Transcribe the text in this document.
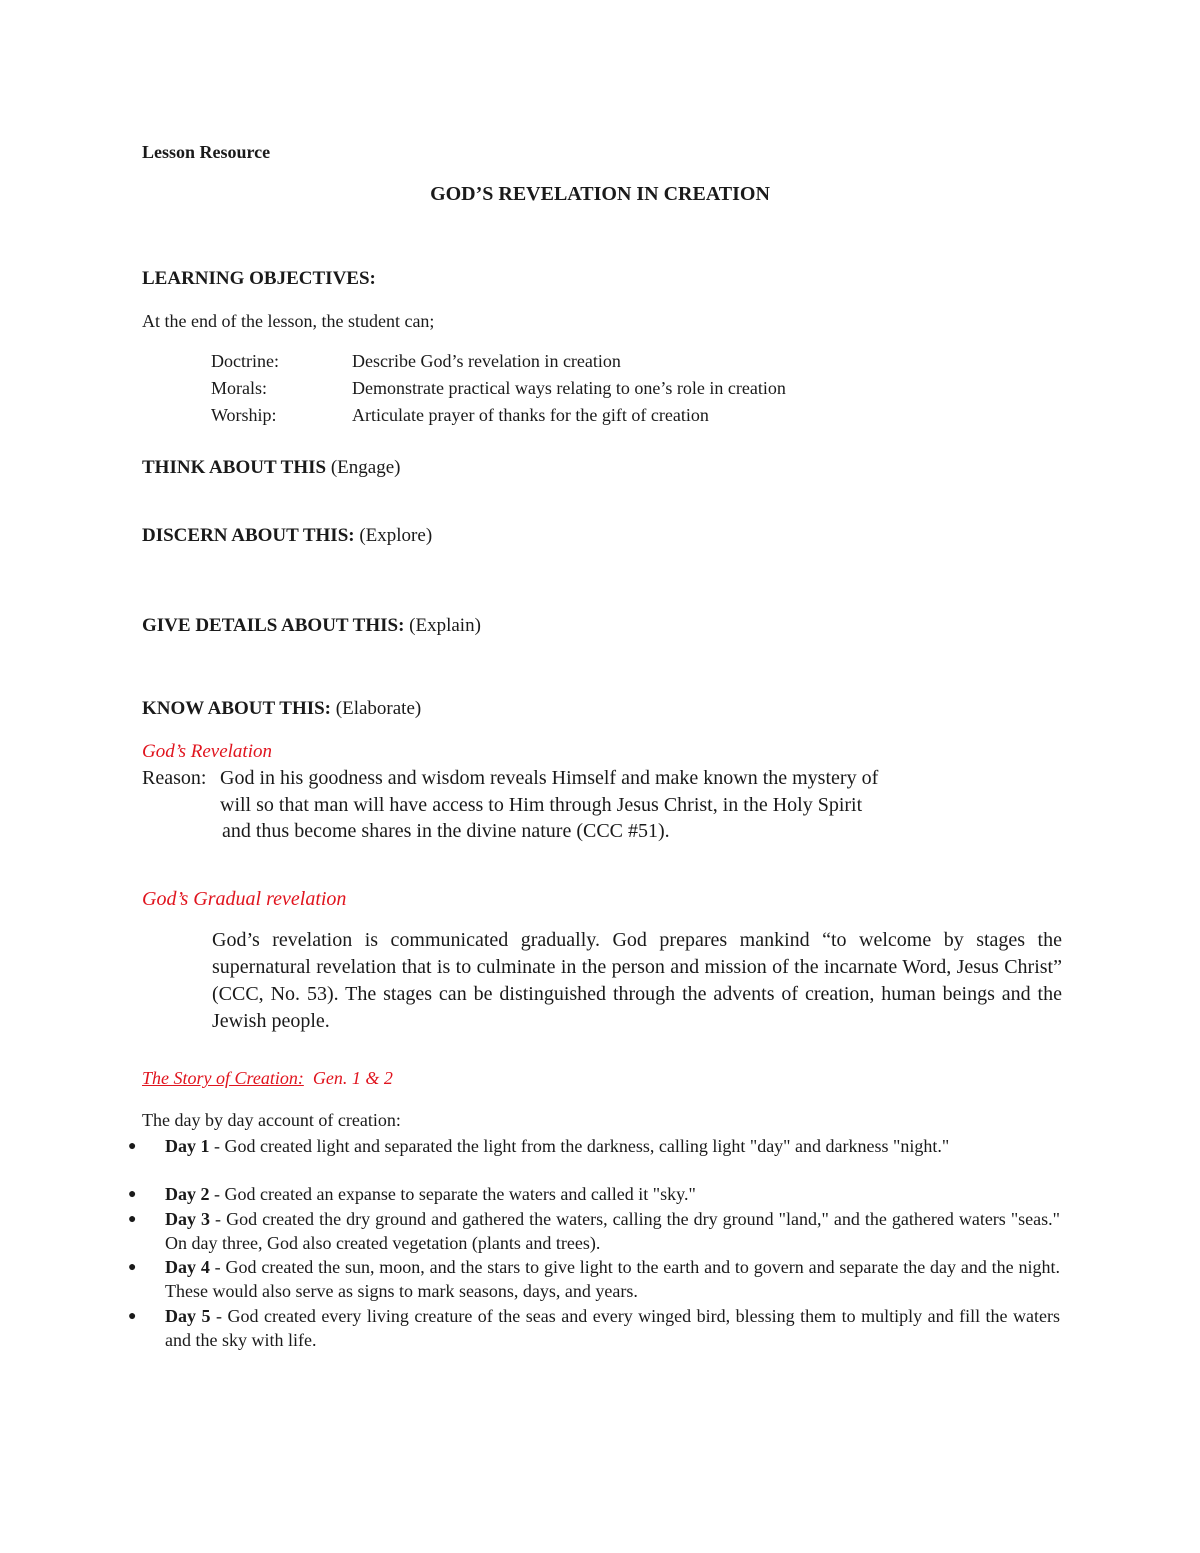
Lesson Resource
GOD’S REVELATION IN CREATION
LEARNING OBJECTIVES:
At the end of the lesson, the student can;
Doctrine:	Describe God’s revelation in creation
Morals:	Demonstrate practical ways relating to one’s role in creation
Worship:	Articulate prayer of thanks for the gift of creation
THINK ABOUT THIS (Engage)
DISCERN ABOUT THIS: (Explore)
GIVE DETAILS ABOUT THIS: (Explain)
KNOW ABOUT THIS: (Elaborate)
God’s Revelation
Reason: God in his goodness and wisdom reveals Himself and make known the mystery of
will so that man will have access to Him through Jesus Christ, in the Holy Spirit
and thus become shares in the divine nature (CCC #51).
God’s Gradual revelation
God’s revelation is communicated gradually. God prepares mankind “to welcome by stages the supernatural revelation that is to culminate in the person and mission of the incarnate Word, Jesus Christ” (CCC, No. 53). The stages can be distinguished through the advents of creation, human beings and the Jewish people.
The Story of Creation: Gen. 1 & 2
The day by day account of creation:
● Day 1 - God created light and separated the light from the darkness, calling light "day" and darkness "night."
● Day 2 - God created an expanse to separate the waters and called it "sky."
● Day 3 - God created the dry ground and gathered the waters, calling the dry ground "land," and the gathered waters "seas." On day three, God also created vegetation (plants and trees).
● Day 4 - God created the sun, moon, and the stars to give light to the earth and to govern and separate the day and the night. These would also serve as signs to mark seasons, days, and years.
● Day 5 - God created every living creature of the seas and every winged bird, blessing them to multiply and fill the waters and the sky with life.
